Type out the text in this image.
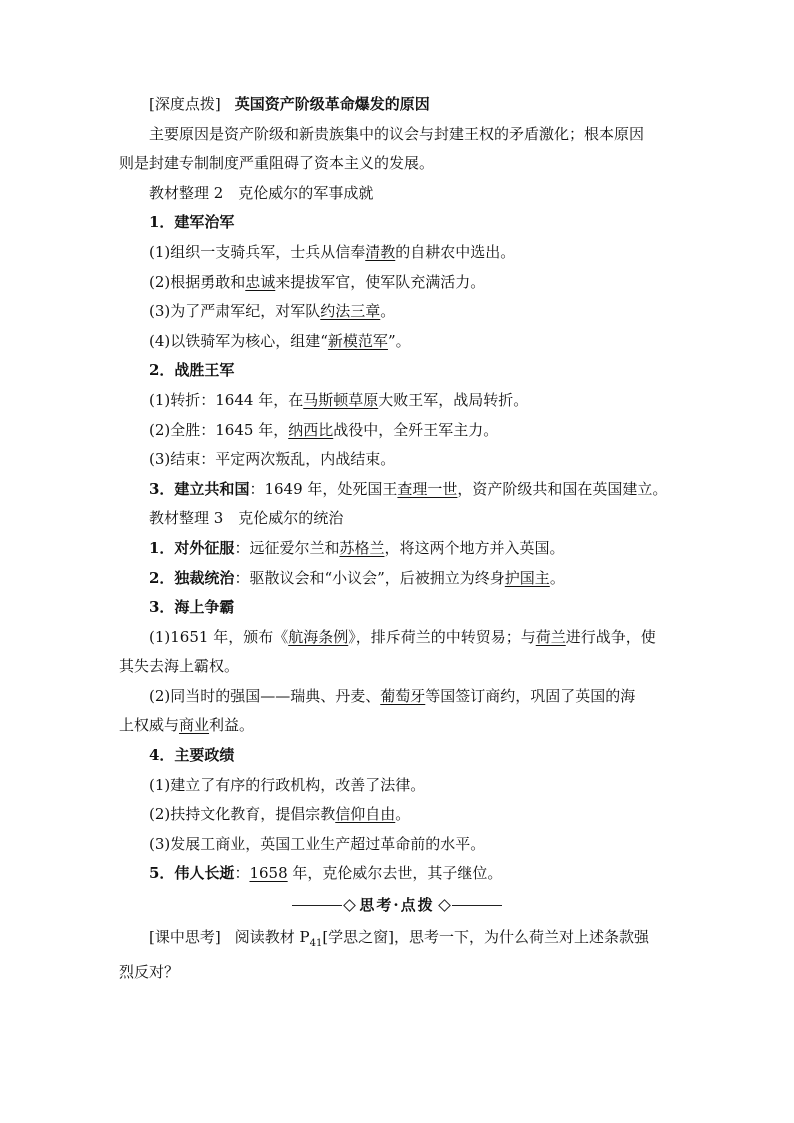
[深度点拨] 英国资产阶级革命爆发的原因

主要原因是资产阶级和新贵族集中的议会与封建王权的矛盾激化；根本原因

则是封建专制制度严重阻碍了资本主义的发展。

教材整理 2　克伦威尔的军事成就

1．建军治军

(1)组织一支骑兵军，士兵从信奉清教的自耕农中选出。

(2)根据勇敢和忠诚来提拔军官，使军队充满活力。

(3)为了严肃军纪，对军队约法三章。

(4)以铁骑军为核心，组建“新模范军”。

2．战胜王军

(1)转折：1644 年，在马斯顿草原大败王军，战局转折。

(2)全胜：1645 年，纳西比战役中，全歼王军主力。

(3)结束：平定两次叛乱，内战结束。

3．建立共和国：1649 年，处死国王查理一世，资产阶级共和国在英国建立。

教材整理 3　克伦威尔的统治

1．对外征服：远征爱尔兰和苏格兰，将这两个地方并入英国。

2．独裁统治：驱散议会和“小议会”，后被拥立为终身护国主。

3．海上争霸

(1)1651 年，颁布《航海条例》，排斥荷兰的中转贸易；与荷兰进行战争，使

其失去海上霸权。

(2)同当时的强国——瑞典、丹麦、葡萄牙等国签订商约，巩固了英国的海

上权威与商业利益。

4．主要政绩

(1)建立了有序的行政机构，改善了法律。

(2)扶持文化教育，提倡宗教信仰自由。

(3)发展工商业，英国工业生产超过革命前的水平。

5．伟人长逝：1658 年，克伦威尔去世，其子继位。

思考·点拨

[课中思考] 阅读教材 $P_{41}$[学思之窗]，思考一下，为什么荷兰对上述条款强

烈反对？
